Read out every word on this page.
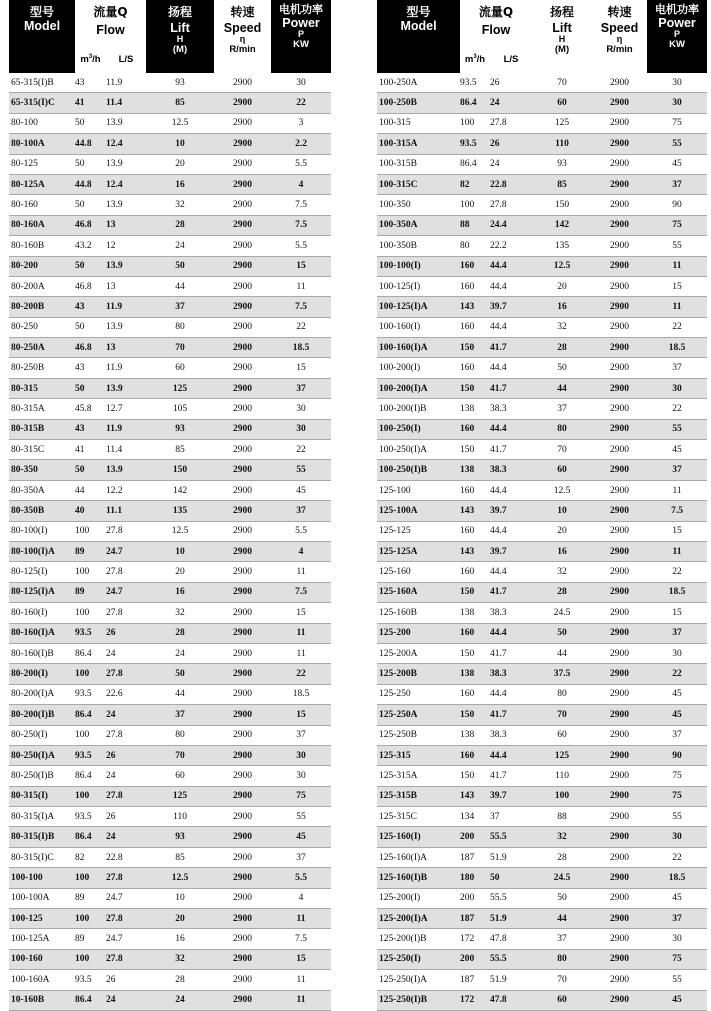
型号
Model	流量Q
Flow		扬程
Lift
H
(M)	转速
Speed
η
R/min	电机功率
Power
P
KW

	$m^3/h$	L/S			
65-315(I)B	43	11.9	93	2900	30
65-315(I)C	41	11.4	85	2900	22
80-100	50	13.9	12.5	2900	3
80-100A	44.8	12.4	10	2900	2.2
80-125	50	13.9	20	2900	5.5
80-125A	44.8	12.4	16	2900	4
80-160	50	13.9	32	2900	7.5
80-160A	46.8	13	28	2900	7.5
80-160B	43.2	12	24	2900	5.5
80-200	50	13.9	50	2900	15
80-200A	46.8	13	44	2900	11
80-200B	43	11.9	37	2900	7.5
80-250	50	13.9	80	2900	22
80-250A	46.8	13	70	2900	18.5
80-250B	43	11.9	60	2900	15
80-315	50	13.9	125	2900	37
80-315A	45.8	12.7	105	2900	30
80-315B	43	11.9	93	2900	30
80-315C	41	11.4	85	2900	22
80-350	50	13.9	150	2900	55
80-350A	44	12.2	142	2900	45
80-350B	40	11.1	135	2900	37
80-100(I)	100	27.8	12.5	2900	5.5
80-100(I)A	89	24.7	10	2900	4
80-125(I)	100	27.8	20	2900	11
80-125(I)A	89	24.7	16	2900	7.5
80-160(I)	100	27.8	32	2900	15
80-160(I)A	93.5	26	28	2900	11
80-160(I)B	86.4	24	24	2900	11
80-200(I)	100	27.8	50	2900	22
80-200(I)A	93.5	22.6	44	2900	18.5
80-200(I)B	86.4	24	37	2900	15
80-250(I)	100	27.8	80	2900	37
80-250(I)A	93.5	26	70	2900	30
80-250(I)B	86.4	24	60	2900	30
80-315(I)	100	27.8	125	2900	75
80-315(I)A	93.5	26	110	2900	55
80-315(I)B	86.4	24	93	2900	45
80-315(I)C	82	22.8	85	2900	37
100-100	100	27.8	12.5	2900	5.5
100-100A	89	24.7	10	2900	4
100-125	100	27.8	20	2900	11
100-125A	89	24.7	16	2900	7.5
100-160	100	27.8	32	2900	15
100-160A	93.5	26	28	2900	11
10-160B	86.4	24	24	2900	11
型号
Model	流量Q
Flow		扬程
Lift
H
(M)	转速
Speed
η
R/min	电机功率
Power
P
KW

	$m^3/h$	L/S			
100-250A	93.5	26	70	2900	30
100-250B	86.4	24	60	2900	30
100-315	100	27.8	125	2900	75
100-315A	93.5	26	110	2900	55
100-315B	86.4	24	93	2900	45
100-315C	82	22.8	85	2900	37
100-350	100	27.8	150	2900	90
100-350A	88	24.4	142	2900	75
100-350B	80	22.2	135	2900	55
100-100(I)	160	44.4	12.5	2900	11
100-125(I)	160	44.4	20	2900	15
100-125(I)A	143	39.7	16	2900	11
100-160(I)	160	44.4	32	2900	22
100-160(I)A	150	41.7	28	2900	18.5
100-200(I)	160	44.4	50	2900	37
100-200(I)A	150	41.7	44	2900	30
100-200(I)B	138	38.3	37	2900	22
100-250(I)	160	44.4	80	2900	55
100-250(I)A	150	41.7	70	2900	45
100-250(I)B	138	38.3	60	2900	37
125-100	160	44.4	12.5	2900	11
125-100A	143	39.7	10	2900	7.5
125-125	160	44.4	20	2900	15
125-125A	143	39.7	16	2900	11
125-160	160	44.4	32	2900	22
125-160A	150	41.7	28	2900	18.5
125-160B	138	38.3	24.5	2900	15
125-200	160	44.4	50	2900	37
125-200A	150	41.7	44	2900	30
125-200B	138	38.3	37.5	2900	22
125-250	160	44.4	80	2900	45
125-250A	150	41.7	70	2900	45
125-250B	138	38.3	60	2900	37
125-315	160	44.4	125	2900	90
125-315A	150	41.7	110	2900	75
125-315B	143	39.7	100	2900	75
125-315C	134	37	88	2900	55
125-160(I)	200	55.5	32	2900	30
125-160(I)A	187	51.9	28	2900	22
125-160(I)B	180	50	24.5	2900	18.5
125-200(I)	200	55.5	50	2900	45
125-200(I)A	187	51.9	44	2900	37
125-200(I)B	172	47.8	37	2900	30
125-250(I)	200	55.5	80	2900	75
125-250(I)A	187	51.9	70	2900	55
125-250(I)B	172	47.8	60	2900	45
